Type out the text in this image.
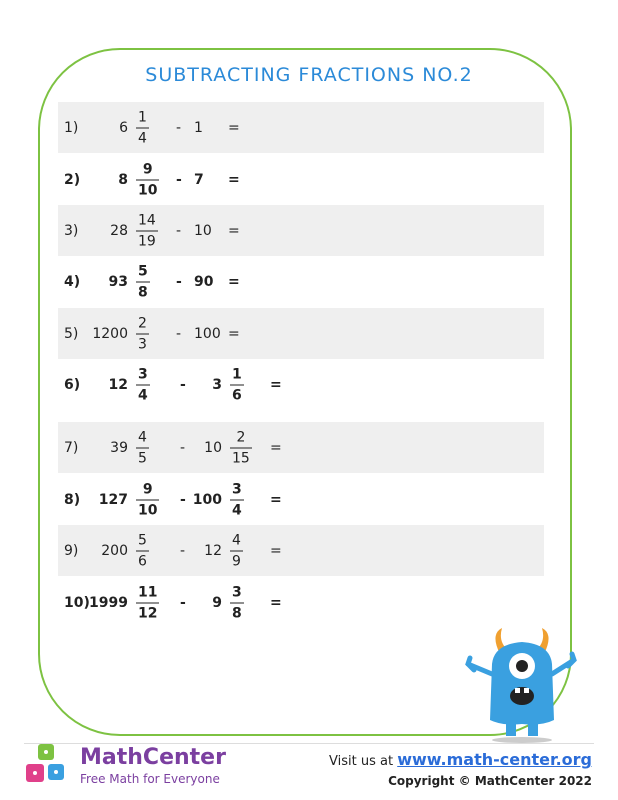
SUBTRACTING FRACTIONS NO.2
1)	$6 \frac{1}{4} - 1$ =
2)	$8 \frac{9}{10} - 7$ =
3)	$28 \frac{14}{19} - 10$ =
4)	$93 \frac{5}{8} - 90$ =
5) $1200 \frac{2}{3} - 100$ =
6)	$12 \frac{3}{4}$ -	$3 \frac{1}{6}$ =
7)	$39 \frac{4}{5}$ -	$10 \frac{2}{15}$ =
8)	$127 \frac{9}{10} - 100 \frac{3}{4}$ =
9)	$200 \frac{5}{6}$ -	$12 \frac{4}{9}$ =
10) $1999 \frac{11}{12}$ -	$9 \frac{3}{8}$ =
MathCenter
Free Math for Everyone
Visit us at www.math-center.org
Copyright © MathCenter 2022
